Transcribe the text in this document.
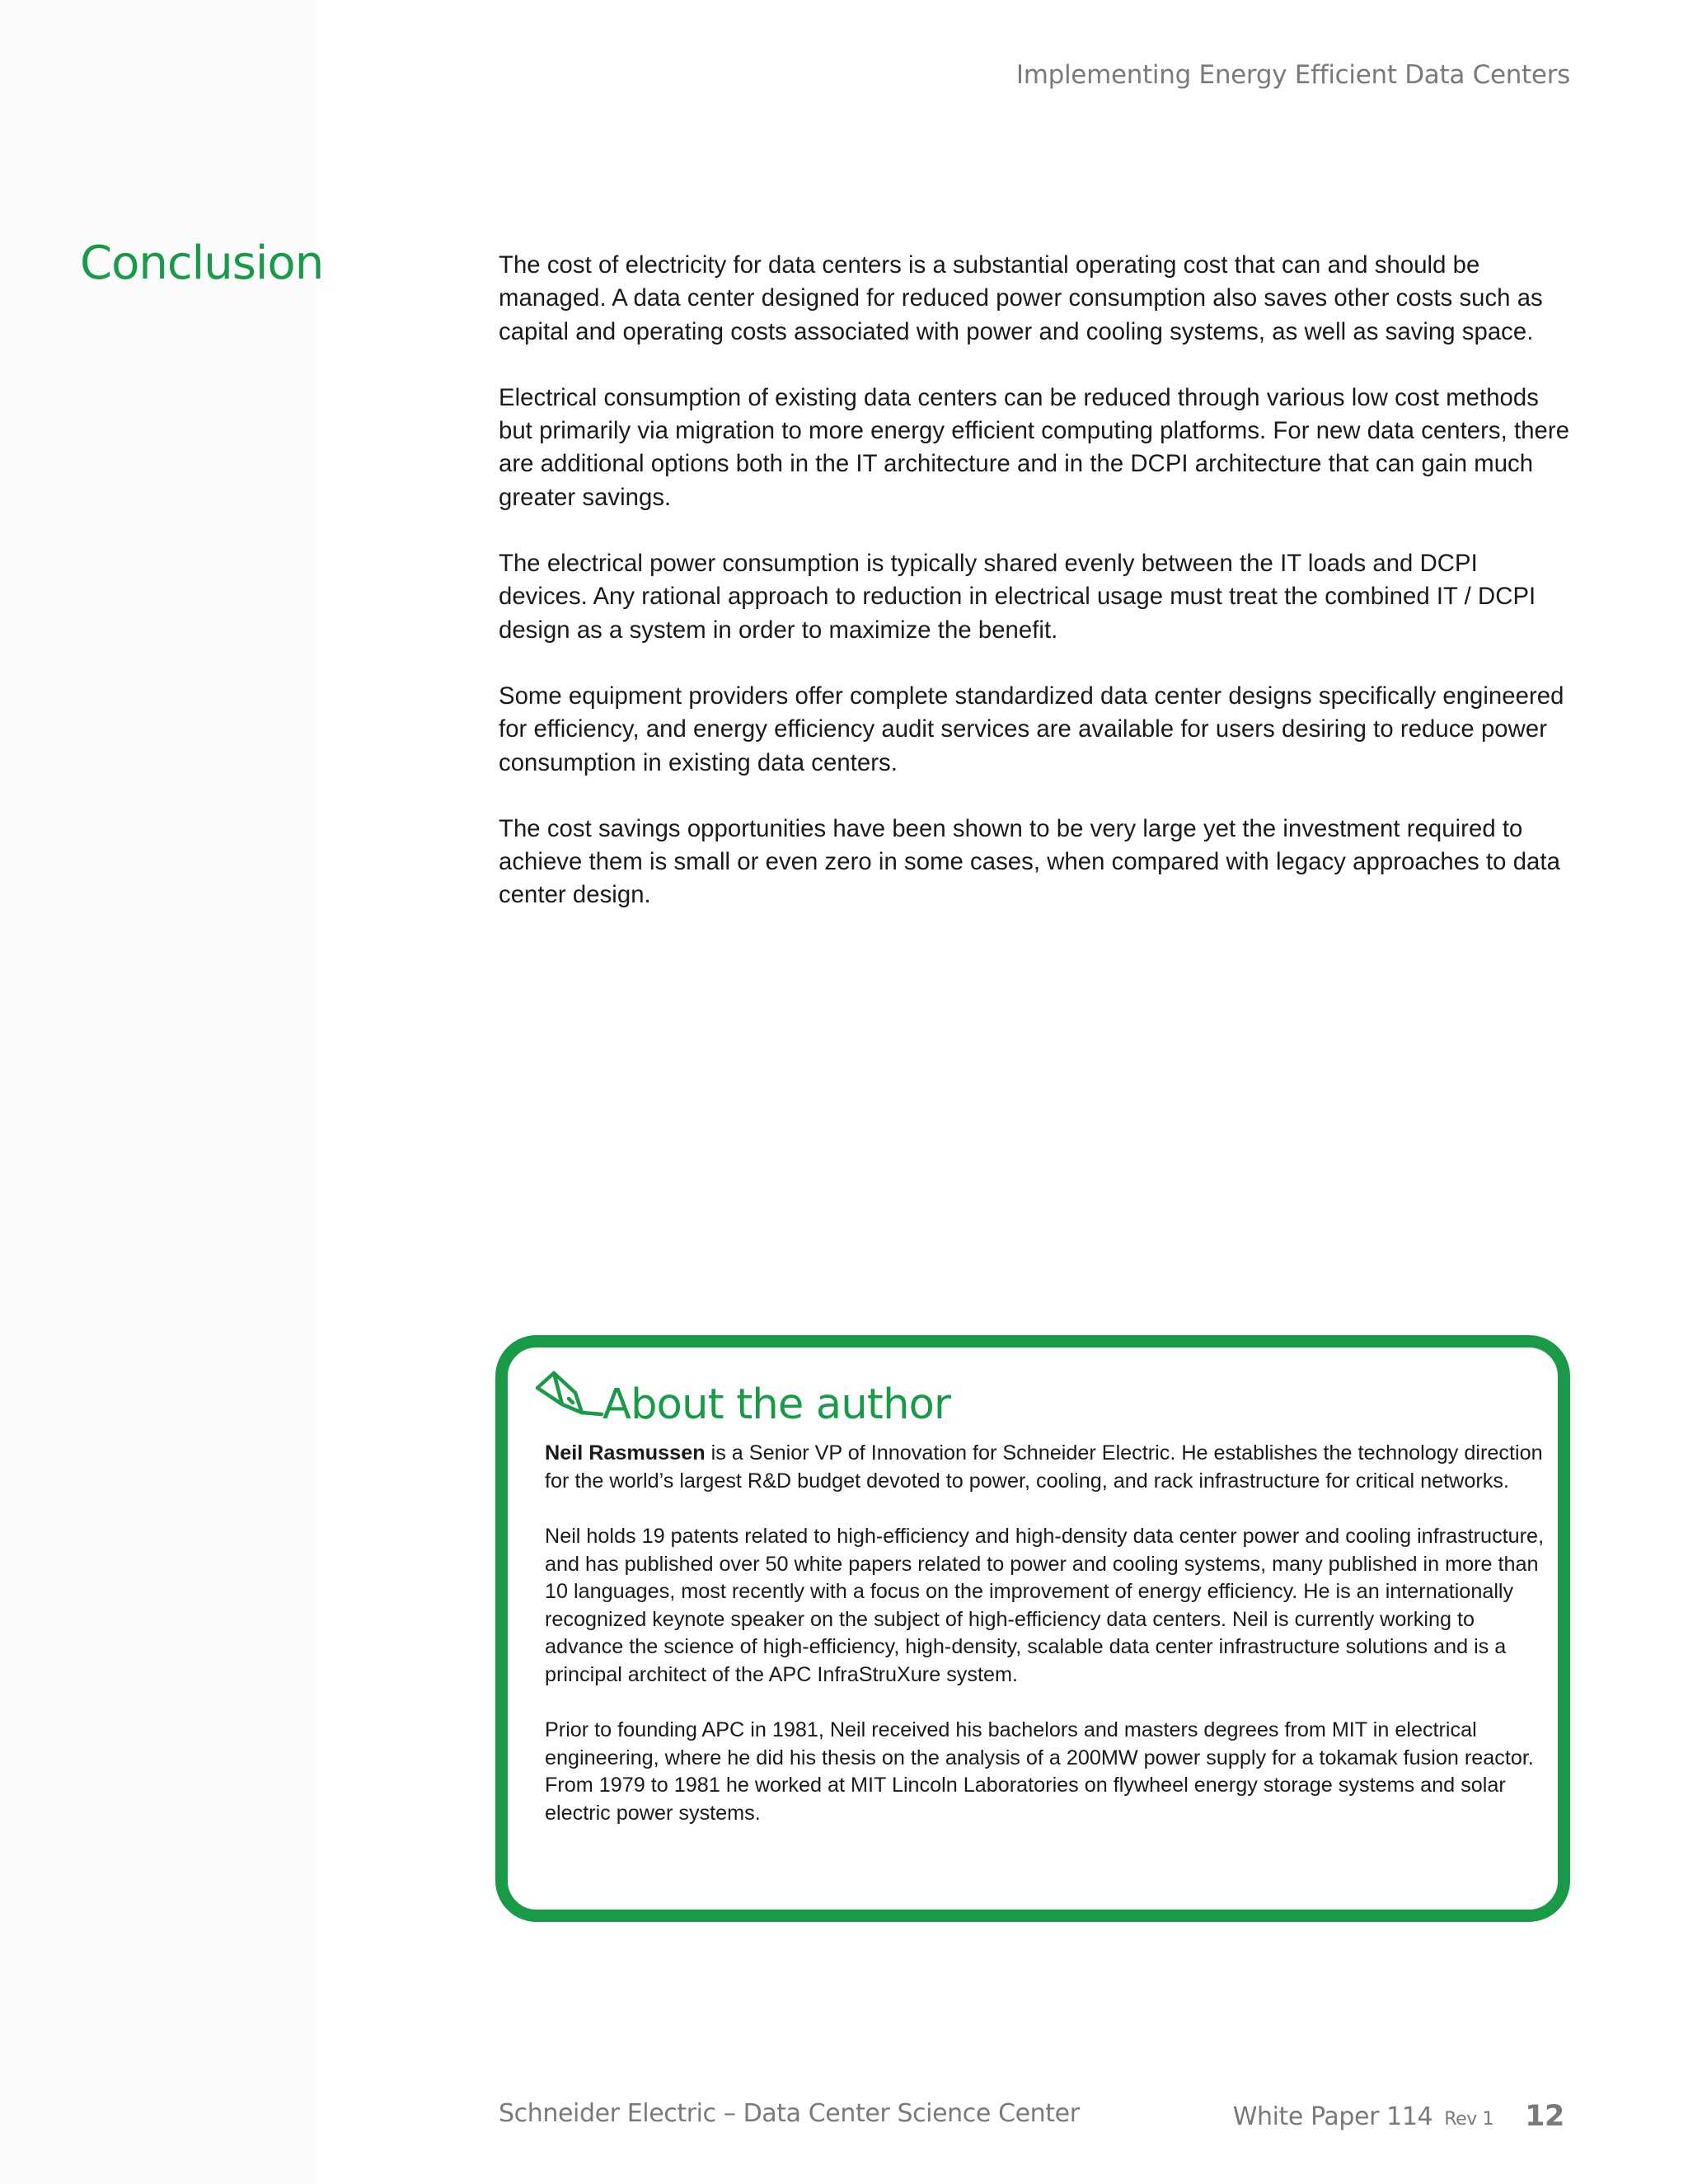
Implementing Energy Efficient Data Centers
Conclusion	The cost of electricity for data centers is a substantial operating cost that can and should be managed. A data center designed for reduced power consumption also saves other costs such as capital and operating costs associated with power and cooling systems, as well as saving space.

Electrical consumption of existing data centers can be reduced through various low cost methods but primarily via migration to more energy efficient computing platforms. For new data centers, there are additional options both in the IT architecture and in the DCPI architecture that can gain much greater savings.

The electrical power consumption is typically shared evenly between the IT loads and DCPI devices. Any rational approach to reduction in electrical usage must treat the combined IT / DCPI design as a system in order to maximize the benefit.

Some equipment providers offer complete standardized data center designs specifically engineered for efficiency, and energy efficiency audit services are available for users desiring to reduce power consumption in existing data centers.

The cost savings opportunities have been shown to be very large yet the investment required to achieve them is small or even zero in some cases, when compared with legacy approaches to data center design.

About the author

Neil Rasmussen is a Senior VP of Innovation for Schneider Electric. He establishes the technology direction for the world’s largest R&D budget devoted to power, cooling, and rack infrastructure for critical networks.

Neil holds 19 patents related to high-efficiency and high-density data center power and cooling infrastructure, and has published over 50 white papers related to power and cooling systems, many published in more than 10 languages, most recently with a focus on the improvement of energy efficiency. He is an internationally recognized keynote speaker on the subject of high-efficiency data centers. Neil is currently working to advance the science of high-efficiency, high-density, scalable data center infrastructure solutions and is a principal architect of the APC InfraStruXure system.

Prior to founding APC in 1981, Neil received his bachelors and masters degrees from MIT in electrical engineering, where he did his thesis on the analysis of a 200MW power supply for a tokamak fusion reactor. From 1979 to 1981 he worked at MIT Lincoln Laboratories on flywheel energy storage systems and solar electric power systems.

Schneider Electric – Data Center Science Center	White Paper 114 Rev 1 12
